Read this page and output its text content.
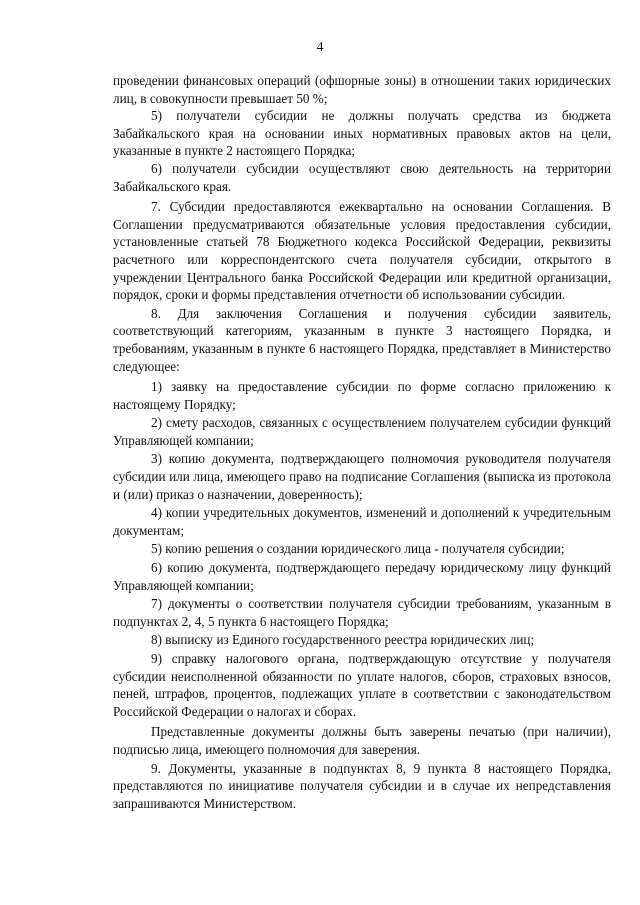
4

проведении финансовых операций (офшорные зоны) в отношении таких юридических лиц, в совокупности превышает 50 %;

5) получатели субсидии не должны получать средства из бюджета Забайкальского края на основании иных нормативных правовых актов на цели, указанные в пункте 2 настоящего Порядка;

6) получатели субсидии осуществляют свою деятельность на территории Забайкальского края.

7. Субсидии предоставляются ежеквартально на основании Соглашения. В Соглашении предусматриваются обязательные условия предоставления субсидии, установленные статьей 78 Бюджетного кодекса Российской Федерации, реквизиты расчетного или корреспондентского счета получателя субсидии, открытого в учреждении Центрального банка Российской Федерации или кредитной организации, порядок, сроки и формы представления отчетности об использовании субсидии.

8. Для заключения Соглашения и получения субсидии заявитель, соответствующий категориям, указанным в пункте 3 настоящего Порядка, и требованиям, указанным в пункте 6 настоящего Порядка, представляет в Министерство следующее:

1) заявку на предоставление субсидии по форме согласно приложению к настоящему Порядку;

2) смету расходов, связанных с осуществлением получателем субсидии функций Управляющей компании;

3) копию документа, подтверждающего полномочия руководителя получателя субсидии или лица, имеющего право на подписание Соглашения (выписка из протокола и (или) приказ о назначении, доверенность);

4) копии учредительных документов, изменений и дополнений к учредительным документам;

5) копию решения о создании юридического лица - получателя субсидии;

6) копию документа, подтверждающего передачу юридическому лицу функций Управляющей компании;

7) документы о соответствии получателя субсидии требованиям, указанным в подпунктах 2, 4, 5 пункта 6 настоящего Порядка;

8) выписку из Единого государственного реестра юридических лиц;

9) справку налогового органа, подтверждающую отсутствие у получателя субсидии неисполненной обязанности по уплате налогов, сборов, страховых взносов, пеней, штрафов, процентов, подлежащих уплате в соответствии с законодательством Российской Федерации о налогах и сборах.

Представленные документы должны быть заверены печатью (при наличии), подписью лица, имеющего полномочия для заверения.

9. Документы, указанные в подпунктах 8, 9 пункта 8 настоящего Порядка, представляются по инициативе получателя субсидии и в случае их непредставления запрашиваются Министерством.
